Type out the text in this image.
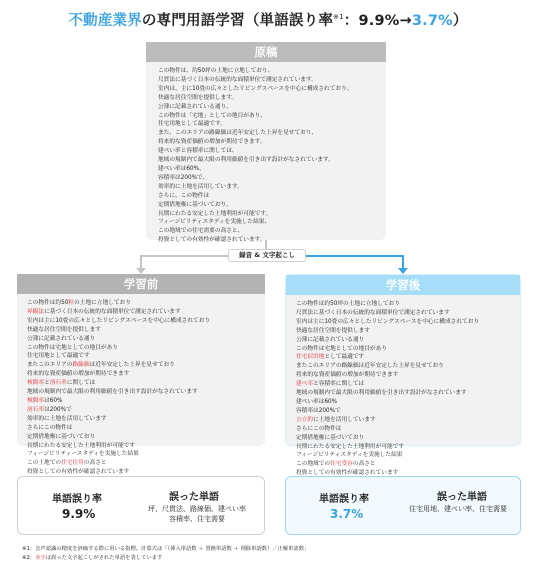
不動産業界の専門用語学習（単語誤り率$^{※1}$：9.9%→3.7%）
原稿
この物件は、約50坪の土地に立地しており、
尺貫法に基づく日本の伝統的な面積単位で測定されています。
室内は、主に10畳の広々としたリビングスペースを中心に構成されており、
快適な居住空間を提供します。
公簿に記載されている通り、
この物件は「宅地」としての地目があり、
住宅用地として最適です。
また、このエリアの路線価は近年安定した上昇を見せており、
将来的な資産価値の増加が期待できます。
建ぺい率と容積率に関しては、
地域の規制内で最大限の利用価値を引き出す設計がなされています。
建ぺい率は60%、
容積率は200%で、
効率的に土地を活用しています。
さらに、この物件は
定期借地権に基づいており、
長期にわたる安定した土地利用が可能です。
フィージビリティスタディを実施した結果、
この地域での住宅需要の高さと、
投資としての有効性が確認されています。
録音 & 文字起こし
学習前
この物件は約50粒の土地に立地しており
昇観法に基づく日本の伝統的な面積単位で測定されています
室内は主に10畳の広々としたリビングスペースを中心に構成されており
快適な居住空間を提供します
公簿に記載されている通り
この物件は宅地としての地目があり
住宅用地として最適です
またこのエリアの路線価は近年安定した上昇を見せており
将来的な資産価値の増加が期待できます
検閲率と溶石率に関しては
地域の規制内で最大限の利用価値を引き出す設計がなされています
検閲率は60%
溶石率は200%で
効率的に土地を活用しています
さらにこの物件は
定期借地権に基づいており
長期にわたる安定した土地利用が可能です
フィージビリティースタディを実施した結果
この土地での住宅住用の高さと
投資としての有効性が確認されています
学習後
この物件は約50坪の土地に立地しており
尺貫法に基づく日本の伝統的な面積単位で測定されています
室内は主に10畳の広々としたリビングスペースを中心に構成されており
快適な居住空間を提供します
公簿に記載されている通り
この物件は宅地としての地目があり
住宅宿泊地として最適です
またこのエリアの路線価は近年安定した上昇を見せており
将来的な資産価値の増加が期待できます
建ぺ率と容積率に関しては
地域の規制内で最大限の利用価値を引き出す設計がなされています
建ぺい率は60%
容積率は200%で
公立的に土地を活用しています
さらにこの物件は
定期借地権に基づいており
長期にわたる安定した土地利用が可能です
フィージビリティスタディを実施した結果
この地域での住宅受容の高さと
投資としての有効性が確認されています
単語誤り率
9.9%
誤った単語
坪、尺貫法、路線価、建ぺい率
容積率、住宅需要
単語誤り率
3.7%
誤った単語
住宅用地、建ぺい率、住宅需要
※1：音声認識の精度を評価する際に用いる指標。計算式は「（挿入単語数 ＋ 置換単語数 ＋ 削除単語数）／正解単語数」
※2：赤字は誤った文字起こしがされた単語を表しています
